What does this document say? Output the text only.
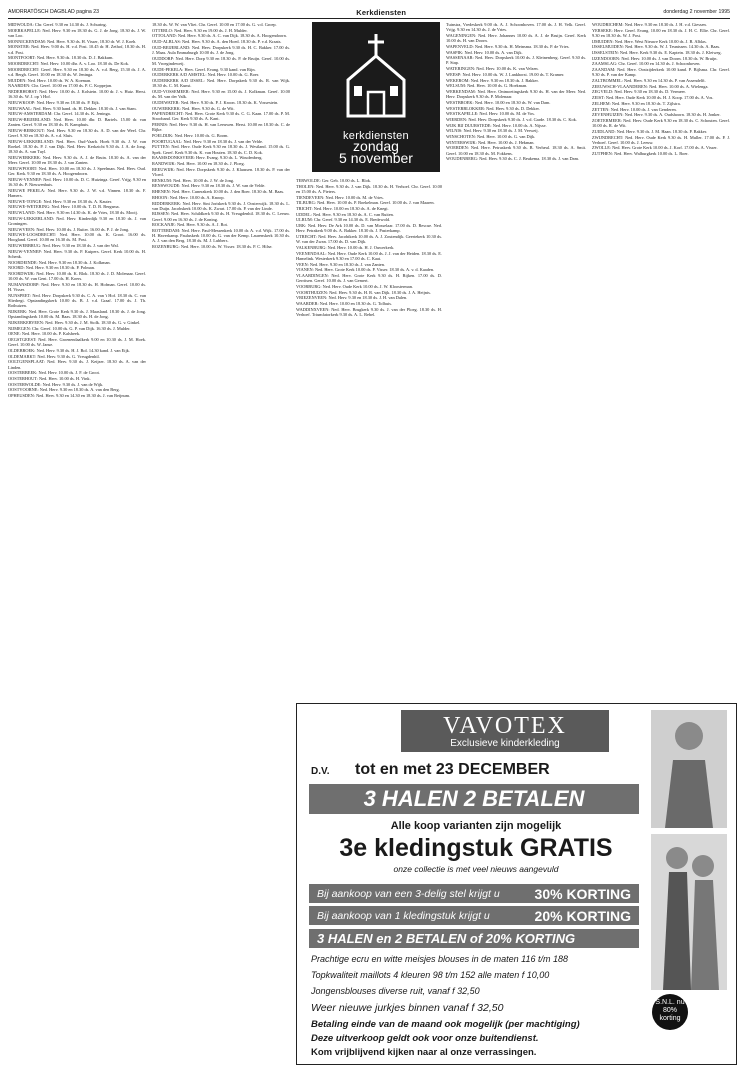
AMORRATÖSCH DAGBLAD pagina 23	Kerkdiensten	donderdag 2 november 1995

MIDWOLDA: Chr. Geref. 9.30 en 14.30 ds. J. Schuring.

MOERKAPELLE: Ned. Herv. 9.30 en 18.30 ds. G. J. de Jong. 18.30 ds. J. W. van Loo.

MONNICKENDAM: Ned. Herv. 9.30 ds. H. Visser, 18.30 dr. W. J. Koeh.

MONSTER: Ned. Herv. 9.00 ds. H. v.d. Post. 10.45 dr. H. Zethof, 18.30 ds. H. v.d. Post.

MONTFOORT: Ned. Herv. 9.30 ds. 18.30 ds. D. J. Bakkum.

MOORDRECHT: Ned. Herv. 10.00 dhr. A. v. Loo. 18.30 ds. De Kok.

MOORDRECHT: Geref. Herv. 9.30 en 18.30 ds. A. v.d. Berg, 15.30 ds. J. A. v.d. Bergh. Geref. 10.00 en 18.30 ds. W. Jeninga.

MUIDEN: Ned. Herv. 10.00 ds. W. A. Koeman.

NAARDEN: Chr. Geref. 10.00 en 17.00 ds. P. C. Koppejan.

NEDERHORST: Ned. Herv. 10.00 ds. J. Kolstein. 10.00 dr. J. v. Huiz. Herst. 16.30 ds. W. J. op 't Hof.

NIEUWKOOP: Ned. Herv. 9.30 en 18.30 ds. P. Eijk.

NIEUWAAL: Ned. Herv. 9.30 hand. ds. H. Dekker. 18.30 ds. J. van Stam.

NIEUW-AMSTERDAM: Chr. Geref. 14.30 ds. K. Jeninga.

NIEUW-BEIJERLAND: Ned. Herv. 10.00 dhr. D. Bartels. 15.00 dr. van Zanten. Geref. 9.30 en 18.30 ds. B. Kamphuis.

NIEUW-BERKOUT: Ned. Herv. 9.30 en 18.30 ds. A. D. van der Weel. Chr. Geref. 9.30 en 18.30 ds. A. v.d. Sluis.

NIEUW-LEKKERLAND: Ned. Herv. Oud-Vaarb. Hoek 9.30 ds. J. W. van Roekel. 18.30 ds. P. J. van Dijk. Ned. Herv. Kerkzicht 9.30 ds. J. A. de Jong. 18.30 ds. A. van Tuyl.

NIEUWERKERK: Ned. Herv. 9.30 ds. A. J. de Bruin. 18.30 ds. A. van der Meer. Geref. 10.00 en 18.30 ds. J. van Zanten.

NIEUWPOORT: Ned. Herv. 10.00 en 18.30 ds. J. Speelman. Ned. Herv. Oud. Ger. Kerk. 9.30 en 18.30 ds. A. Hoogendoorn.

NIEUW-VENNEP: Ned. Herv. 10.00 ds. D. C. Huizinga. Geref. Vrijg. 9.30 en 16.30 ds. P. Nieuwenhuis.

NIEUWE PEKELA: Ned. Herv. 9.30 ds. J. W. v.d. Vinnen. 18.30 ds. F. Hamers.

NIEUWE-TONGE: Ned. Herv. 9.30 en 18.30 ds. A. Kauter.

NIEUWE-WETERING: Ned. Herv. 10.00 ds. T. D. B. Bergsma.

NIEUWLAND: Ned. Herv. 9.30 en 14.30 ds. K. de Vries, 18.30 ds. Mooij.

NIEUW-LEKKERLAND: Ned. Herv. Kinderdijk 9.30 en 18.30 ds. J. van Groningen.

NIEUWVEEN: Ned. Herv. 10.00 ds. J. Ruiter. 16.00 ds. P. J. de Jong.

NIEUWE-LOOSDRECHT: Ned. Herv. 10.00 ds. K. Groot. 16.00 ds. Hoogland. Geref. 10.00 en 16.30 ds. M. Post.

NIEUWERBRUG: Ned. Herv. 9.30 en 18.30 ds. J. van der Wal.

NIEUW-VENNEP: Ned. Herv. 9.30 ds. P. Kuipers. Geref. Kerk 10.00 ds. H. Schenk.

NOORDEINDE: Ned. Herv. 9.30 en 18.30 ds. J. Kolkman.

NOORD: Ned. Herv. 9.30 en 18.30 ds. P. Polman.

NOORDWIJK: Ned. Herv. 10.00 ds. K. Blok. 18.30 ds. J. D. Molenaar. Geref. 10.00 ds. W. van Gent. 17.00 ds. H. Koers.

NUMANSDORP: Ned. Herv. 9.30 en 18.30 ds. H. Hofman. Geref. 10.00 ds. H. Visser.

NUNSPEET: Ned. Herv. Dorpskerk 9.30 ds. C. A. van 't Hof. 18.30 ds. C. van Sliedregt. Opstandingskerk 10.00 ds. B. J. v.d. Graaf. 17.00 ds. J. Th. Rothuizen.

NIJKERK: Ned. Herv. Grote Kerk 9.30 ds. J. Maasland. 18.30 ds. J. de Jong. Opstandingskerk 10.00 ds. M. Baas. 18.30 ds. H. de Jong.

NIJKERKERVEEN: Ned. Herv. 9.30 ds. J. M. Stolk. 18.30 ds. G. v. Ginkel.

NIJMEGEN: Chr. Geref. 10.00 ds. G. P. van Dijk. 16.30 ds. J. Mulder.

OENE: Ned. Herv. 10.00 ds. P. Kalsbeek.

OEGSTGEEST: Ned. Herv. Groenendaalkerk 9.00 en 10.30 ds. J. M. Hoek. Geref. 10.00 ds. W. Janse.

OLDEBROEK: Ned. Herv. 9.30 ds. H. J. Bol. 14.30 kand. J. van Eijk.

OLDEMARKT: Ned. Herv. 9.30 ds. G. Vreugdenhil.

OOLTGENSPLAAT: Ned. Herv. 9.30 ds. J. Keijzer. 18.30 ds. A. van der Linden.

OOSTERBEEK: Ned. Herv. 10.00 ds. J. F. de Groot.

OOSTERHOUT: Ned. Herv. 10.00 ds. H. Vink.

OOSTERWOLDE: Ned. Herv. 9.30 ds. J. van de Wijk.

OOSTVOORNE: Ned. Herv. 9.30 en 18.30 ds. A. van den Berg.

OPHEUSDEN: Ned. Herv. 9.30 en 14.30 en 18.30 ds. J. van Beijnum.

18.30 ds. W. W. van Vliet. Chr. Geref. 10.00 en 17.00 ds. G. v.d. Groep.

OTTERLO: Ned. Herv. 9.30 en 19.00 ds. J. H. Mulder.

OTTOLAND: Ned. Herv. 9.30 ds. A. C. van Dijk. 18.30 ds. A. Hoogendoorn.

OUD-ALBLAS: Ned. Herv. 9.30 ds. A. den Hoed. 18.30 ds. P. v.d. Kraats.

OUD-BEIJERLAND: Ned. Herv. Dorpskerk 9.30 ds. H. C. Bakker. 17.00 ds. J. Maas. Aula Emmaburgh 10.00 ds. J. de Jong.

OUDDORP: Ned. Herv. Dorp 9.30 en 18.30 ds. P. de Bruijn. Geref. 10.00 ds. M. Vroegindeweij.

OUDE-PEKELA: Herv. Geref. Evang. 9.30 kand. van Rijn.

OUDERKERK A/D AMSTEL: Ned. Herv. 10.00 ds. G. Boer.

OUDERKERK A/D IJSSEL: Ned. Herv. Dorpskerk 9.30 ds. R. van Wijk. 18.30 ds. C. M. Kunst.

OUD-VOSSEMEER: Ned. Herv. 9.30 en 15.00 ds. J. Kolkman. Geref. 10.00 ds. M. van der Valk.

OUDEWATER: Ned. Herv. 9.30 ds. P. J. Kroon. 18.30 ds. K. Vossestein.

OUWERKERK: Ned. Herv. 9.30 ds. G. de Wit.

PAPENDRECHT: Ned. Herv. Grote Kerk 9.30 ds. C. G. Kaan. 17.00 ds. P. M. Strooband. Ger. Kerk 9.30 ds. A. Kant.

PERNIS: Ned. Herv. 9.30 ds. H. van Leeuwen. Herst. 10.00 en 18.30 ds. C. de Rijke.

POELDIJK: Ned. Herv. 10.00 ds. G. Boom.

POORTUGAAL: Ned. Herv. 9.30 en 18.30 ds. J. van der Velde.

PUTTEN: Ned. Herv. Oude Kerk 9.30 en 18.30 ds. J. Westland. 15.00 ds. G. Spek. Geref. Kerk 9.30 ds. K. van Houten. 18.30 ds. C. D. Kok.

RAAMSDONKSVEER: Herv. Evang. 9.30 ds. L. Woudenberg.

RANDWIJK: Ned. Herv. 10.00 en 18.30 ds. J. Ploeg.

REEUWIJK: Ned. Herv. Dorpskerk 9.30 ds. J. Klaassen. 18.30 ds. P. van der Vloed.

RENKUM: Ned. Herv. 10.00 ds. J. W. de Jong.

RENSWOUDE: Ned. Herv. 9.30 en 18.30 ds. J. W. van de Velde.

RHENEN: Ned. Herv. Cunerakerk 10.00 ds. J. den Boer. 18.30 ds. M. Baas.

RHOON: Ned. Herv. 10.00 ds. A. Knoop.

RIDDERKERK: Ned. Herv. Sint Joriskerk 9.30 ds. J. Oosterwijk. 18.30 ds. L. van Duijn. Jacobskerk 10.00 ds. K. Zwart. 17.00 ds. P. van der Linde.

RIJSSEN: Ned. Herv. Schildkerk 9.30 ds. H. Vreugdenhil. 18.30 ds. C. Leeuw. Geref. 9.00 en 16.30 ds. J. de Koning.

ROCKANJE: Ned. Herv. 9.30 ds. A. J. Rot.

ROTTERDAM: Ned. Herv. Paul-Messenkerk 10.00 dr. A. v.d. Wijk. 17.00 ds. H. Haverkamp. Pauluskerk 10.00 ds. G. van der Kemp. Laurenskerk 10.30 ds. A. J. van den Berg. 18.30 ds. M. J. Lubbers.

ROZENBURG: Ned. Herv. 10.00 ds. W. Visser. 18.30 ds. P. C. Hilse.

kerkdiensten
zondag
5 november

TERWOLDE: Ger. Geb. 10.00 ds. L. Blok.

THOLEN: Ned. Herv. 9.30 ds. J. van Dijk. 18.30 ds. H. Verhoef. Chr. Geref. 10.00 en 15.00 ds. A. Pieters.

TIENDEVEEN: Ned. Herv. 10.00 ds. M. de Vries.

TILBURG: Ned. Herv. 10.00 ds. P. Boekelman. Geref. 10.00 ds. J. van Maaren.

TRICHT: Ned. Herv. 10.00 en 18.30 ds. A. de Knegt.

UDDEL: Ned. Herv. 9.30 en 18.30 ds. A. C. van Ruiten.

ULRUM: Chr. Geref. 9.30 en 14.30 ds. E. Bredewold.

URK: Ned. Herv. De Ark 10.00 ds. D. van Mosselaar. 17.00 ds. D. Rescue. Ned. Herv. Petrakerk 9.00 ds. A. Bakker. 18.30 ds. J. Pasterkamp.

UTRECHT: Ned. Herv. Jacobikerk 10.00 ds. A. J. Zoutendijk. Geertekerk 10.30 ds. W. van der Zwan. 17.00 ds. D. van Dijk.

VALKENBURG: Ned. Herv. 10.00 ds. H. J. Ouwerkerk.

VEENENDAAL: Ned. Herv. Oude Kerk 10.00 ds. J. J. van der Heiden. 18.30 ds. E. Hamelink. Westerkerk 9.30 en 17.00 ds. C. Kaat.

VEEN: Ned. Herv. 9.30 en 18.30 ds. J. van Zanten.

VIANEN: Ned. Herv. Grote Kerk 10.00 ds. P. Visser. 18.30 ds. A. v. d. Kaaden.

VLAARDINGEN: Ned. Herv. Grote Kerk 9.30 ds. H. Rijken. 17.00 ds. D. Gerritsen. Geref. 10.00 ds. J. van Gemert.

VOORBURG: Ned. Herv. Oude Kerk 10.00 ds. J. W. Kloosterman.

VOORTHUIZEN: Ned. Herv. 9.30 ds. H. R. van Dijk. 18.30 ds. J. A. Heijnis.

VRIEZENVEEN: Ned. Herv. 9.30 en 18.30 ds. J. H. van Dalen.

WAARDER: Ned. Herv. 10.00 en 18.30 ds. G. Tolhuis.

WADDINXVEEN: Ned. Herv. Brugkerk 9.30 ds. J. van der Ploeg. 18.30 ds. H. Verhoef. Triumfatorkerk 9.30 ds. A. L. Rebel.

Tuinstra, Vredeskerk 9.00 ds. A. J. Schoonhoven. 17.00 ds. J. H. Velk. Geref. Vrijg. 9.30 en 14.30 ds. J. de Vries.

WAGENINGEN: Ned. Herv. Johannes 10.00 ds. A. J. de Bruijn. Geref. Kerk 10.00 ds. H. van Doorn.

WAPENVELD: Ned. Herv. 9.30 ds. H. Meinsma. 18.30 ds. P. de Vries.

WASPIK: Ned. Herv. 10.00 ds. A. van Dijk.

WASSENAAR: Ned. Herv. Dorpskerk 10.00 ds. J. Kleinenberg. Geref. 9.30 ds. P. Stap.

WATERINGEN: Ned. Herv. 10.00 ds. K. van Velzen.

WEESP: Ned. Herv. 10.00 ds. W. J. Lankhorst. 19.00 ds. T. Kramer.

WEKEROM: Ned. Herv. 9.30 en 18.30 ds. J. Bakker.

WELSUM: Ned. Herv. 10.00 ds. G. Hoekman.

WERKENDAM: Ned. Herv. Ontmoetingskerk 9.30 ds. H. van der Meer. Ned. Herv. Dorpskerk 9.30 ds. P. Molenaar.

WESTBROEK: Ned. Herv. 10.00 en 18.30 ds. W. van Dam.

WESTERBLOKKER: Ned. Herv. 9.30 ds. D. Dekker.

WESTKAPELLE: Ned. Herv. 10.00 ds. M. de Vos.

WIERDEN: Ned. Herv. Dorpskerk 9.30 ds. J. v.d. Garde. 18.30 ds. C. Kok.

WIJK BIJ DUURSTEDE: Ned. Herv. 10.00 ds. A. Nijsse.

WILNIS: Ned. Herv. 9.30 en 18.30 ds. J. M. Verweij.

WINSCHOTEN: Ned. Herv. 10.00 ds. G. van Dijk.

WINTERSWIJK: Ned. Herv. 10.00 ds. J. Hekman.

WOERDEN: Ned. Herv. Petruskerk 9.30 ds. B. Verheul. 18.30 ds. A. Smit. Geref. 10.00 en 18.30 ds. M. Fokkens.

WOUDENBERG: Ned. Herv. 9.30 ds. C. J. Beukema. 18.30 ds. J. van Dam.

WOUDRICHEM: Ned. Herv. 9.30 en 18.30 ds. J. H. v.d. Giessen.

YERSEKE: Herv. Geref. Evang. 10.00 en 18.30 ds. J. H. C. Ellie. Chr. Geref. 9.30 en 18.30 ds. W. J. Post.

IJMUIDEN: Ned. Herv. West Nieuwe Kerk 10.00 ds. J. B. Alblas.

IJSSELMUIDEN: Ned. Herv. 9.30 ds. W. J. Teunissen. 14.30 ds. A. Baas.

IJSSELSTEIN: Ned. Herv. Kerk 9.30 ds. E. Kaptein. 18.30 ds. J. Kleiweg.

IJZENDOORN: Ned. Herv. 10.00 ds. J. van Doorn. 18.30 ds. W. Bruijn.

ZAAMSLAG: Chr. Geref. 10.00 en 14.30 ds. J. Schoonhoven.

ZAANDAM: Ned. Herv. Oostzijderkerk 10.00 kand. P. Bijlsma. Chr. Geref. 9.30 ds. P. van der Kamp.

ZALTBOMMEL: Ned. Herv. 9.30 en 14.30 ds. P. van Assendelft.

ZEEUWSCH-VLAANDEREN: Ned. Herv. 10.00 ds. A. Wielenga.

ZEGVELD: Ned. Herv. 9.30 en 18.30 ds. D. Vermeer.

ZEIST: Ned. Herv. Oude Kerk 10.00 ds. H. J. Koop. 17.00 ds. A. Vos.

ZELHEM: Ned. Herv. 9.30 en 18.30 ds. T. Zijlstra.

ZETTEN: Ned. Herv. 10.00 ds. J. van Genderen.

ZEVENHUIZEN: Ned. Herv. 9.30 ds. A. Oudshoorn. 18.30 ds. H. Jonker.

ZOETERMEER: Ned. Herv. Oude Kerk 9.30 en 18.30 ds. C. Schouten. Geref. 10.00 ds. R. de Wit.

ZUIDLAND: Ned. Herv. 9.30 ds. J. M. Haan. 18.30 ds. P. Bakker.

ZWIJNDRECHT: Ned. Herv. Oude Kerk 9.30 ds. H. Muller. 17.00 ds. P. J. Verhoef. Geref. 10.00 ds. J. Leeuw.

ZWOLLE: Ned. Herv. Grote Kerk 10.00 ds. J. Korf. 17.00 ds. A. Visser.

ZUTPHEN: Ned. Herv. Walburgkerk 10.00 ds. L. Boer.

VAVOTEX
Exclusieve kinderkleding
D.V. tot en met 23 DECEMBER
3 HALEN 2 BETALEN
Alle koop varianten zijn mogelijk
3e kledingstuk GRATIS
onze collectie is met veel nieuws aangevuld
Bij aankoop van een 3-delig stel krijgt u 30% KORTING
Bij aankoop van 1 kledingstuk krijgt u	20% KORTING
3 HALEN en 2 BETALEN of 20% KORTING
Prachtige ecru en witte meisjes blouses in de maten 116 t/m 188
Topkwaliteit maillots 4 kleuren 98 t/m 152 alle maten f 10,00
Jongensblouses diverse ruit, vanaf f 32,50
Weer nieuwe jurkjes binnen vanaf f 32,50
Betaling einde van de maand ook mogelijk (per machtiging)
Deze uitverkoop geldt ook voor onze buitendienst.
Kom vrijblijvend kijken naar al onze verrassingen.
S.N.L. nu 80% korting
